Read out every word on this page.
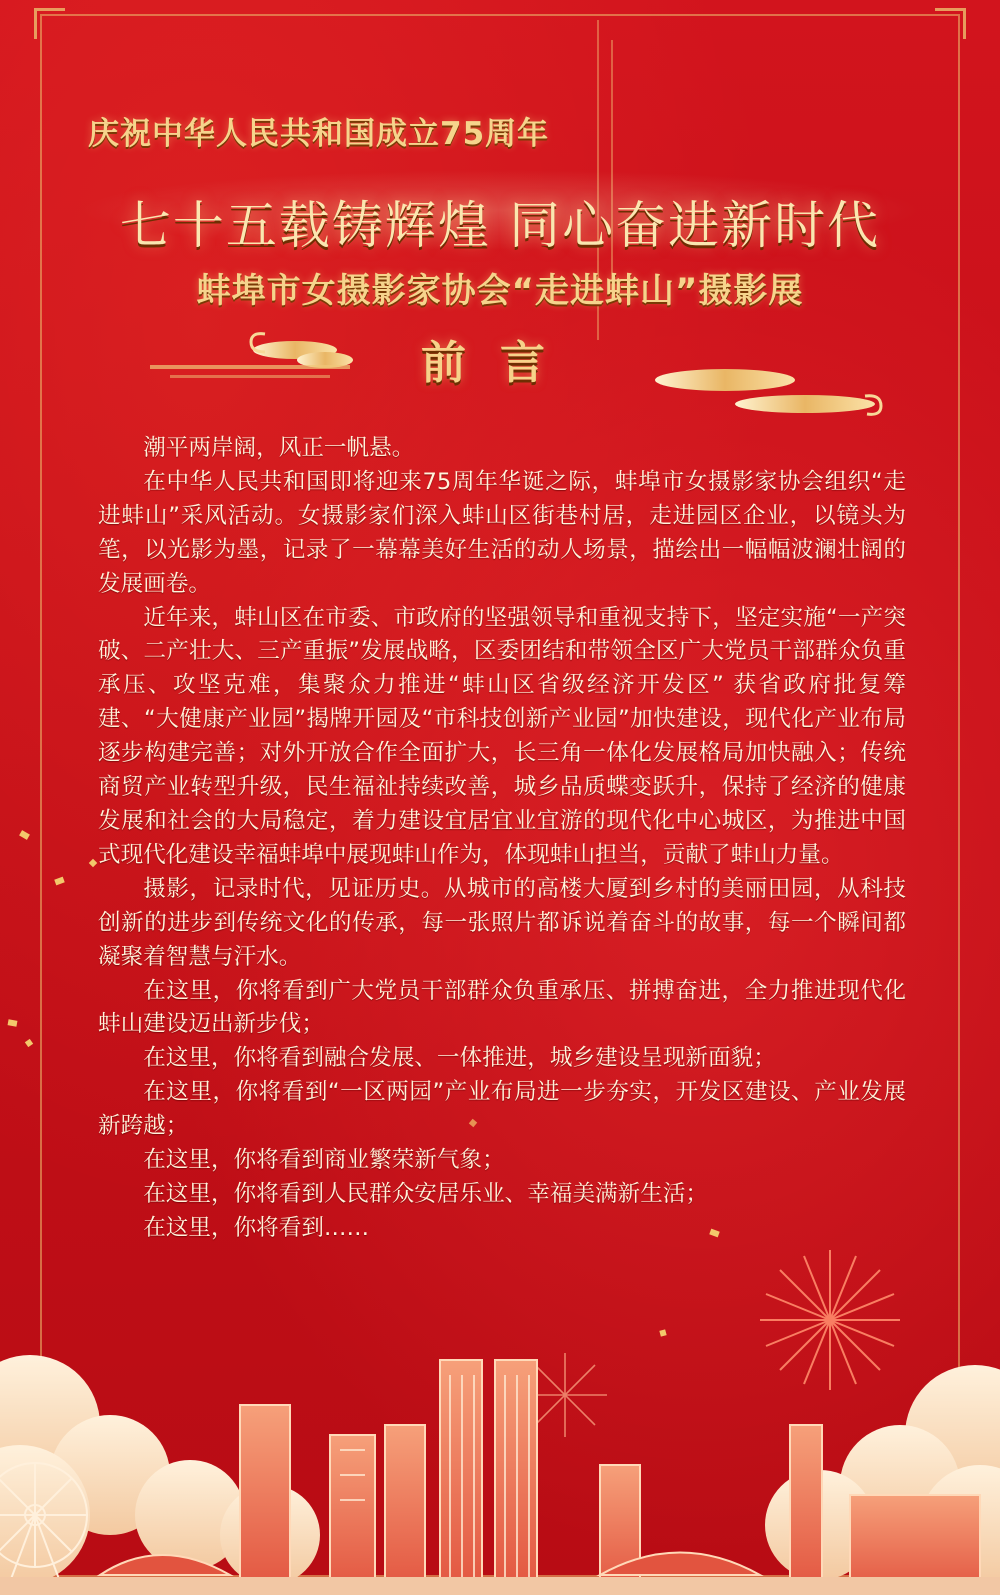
庆祝中华人民共和国成立75周年
七十五载铸辉煌 同心奋进新时代
蚌埠市女摄影家协会“走进蚌山”摄影展
前言

潮平两岸阔，风正一帆悬。

在中华人民共和国即将迎来75周年华诞之际，蚌埠市女摄影家协会组织“走进蚌山”采风活动。女摄影家们深入蚌山区街巷村居，走进园区企业，以镜头为笔，以光影为墨，记录了一幕幕美好生活的动人场景，描绘出一幅幅波澜壮阔的发展画卷。

近年来，蚌山区在市委、市政府的坚强领导和重视支持下，坚定实施“一产突破、二产壮大、三产重振”发展战略，区委团结和带领全区广大党员干部群众负重承压、攻坚克难，集聚众力推进“蚌山区省级经济开发区” 获省政府批复筹建、“大健康产业园”揭牌开园及“市科技创新产业园”加快建设，现代化产业布局逐步构建完善；对外开放合作全面扩大，长三角一体化发展格局加快融入；传统商贸产业转型升级，民生福祉持续改善，城乡品质蝶变跃升，保持了经济的健康发展和社会的大局稳定，着力建设宜居宜业宜游的现代化中心城区，为推进中国式现代化建设幸福蚌埠中展现蚌山作为，体现蚌山担当，贡献了蚌山力量。

摄影，记录时代，见证历史。从城市的高楼大厦到乡村的美丽田园，从科技创新的进步到传统文化的传承，每一张照片都诉说着奋斗的故事，每一个瞬间都凝聚着智慧与汗水。

在这里，你将看到广大党员干部群众负重承压、拼搏奋进，全力推进现代化蚌山建设迈出新步伐；

在这里，你将看到融合发展、一体推进，城乡建设呈现新面貌；

在这里，你将看到“一区两园”产业布局进一步夯实，开发区建设、产业发展新跨越；

在这里，你将看到商业繁荣新气象；

在这里，你将看到人民群众安居乐业、幸福美满新生活；

在这里，你将看到……
